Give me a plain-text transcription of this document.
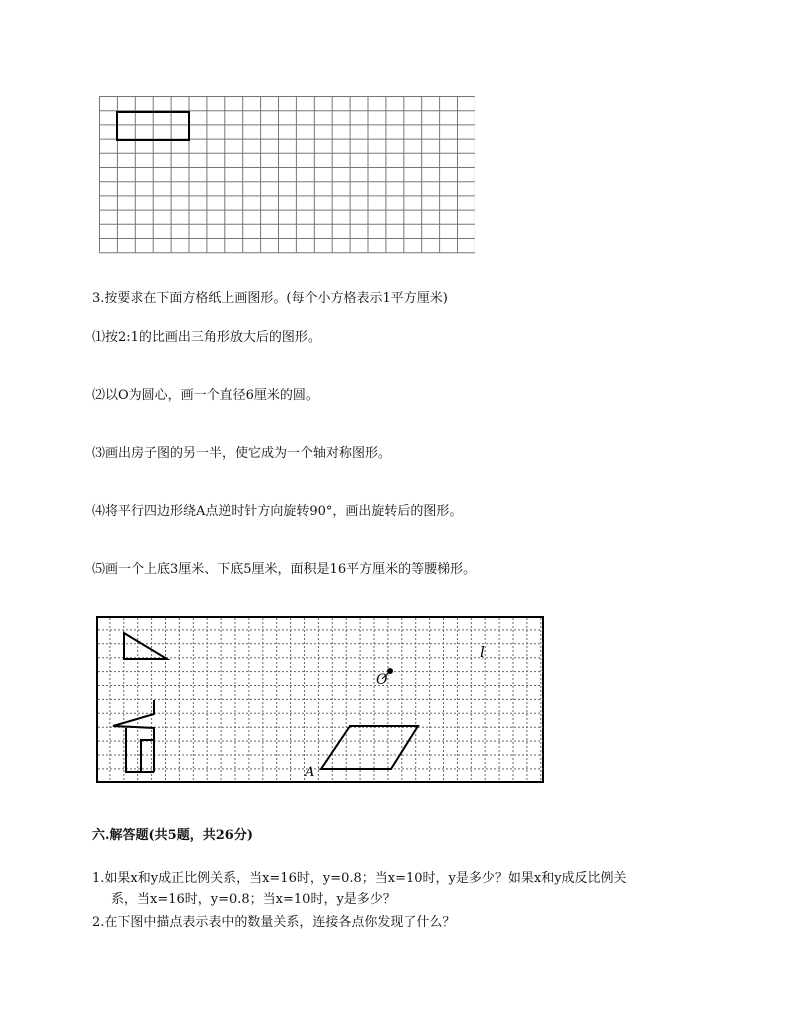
3.按要求在下面方格纸上画图形。(每个小方格表示1平方厘米)
⑴按2:1的比画出三角形放大后的图形。
⑵以O为圆心，画一个直径6厘米的圆。
⑶画出房子图的另一半，使它成为一个轴对称图形。
⑷将平行四边形绕A点逆时针方向旋转90°，画出旋转后的图形。
⑸画一个上底3厘米、下底5厘米，面积是16平方厘米的等腰梯形。
O
l
A
六.解答题(共5题，共26分)
1.如果x和y成正比例关系，当x=16时，y=0.8；当x=10时，y是多少？如果x和y成反比例关
系，当x=16时，y=0.8；当x=10时，y是多少？
2.在下图中描点表示表中的数量关系，连接各点你发现了什么？
